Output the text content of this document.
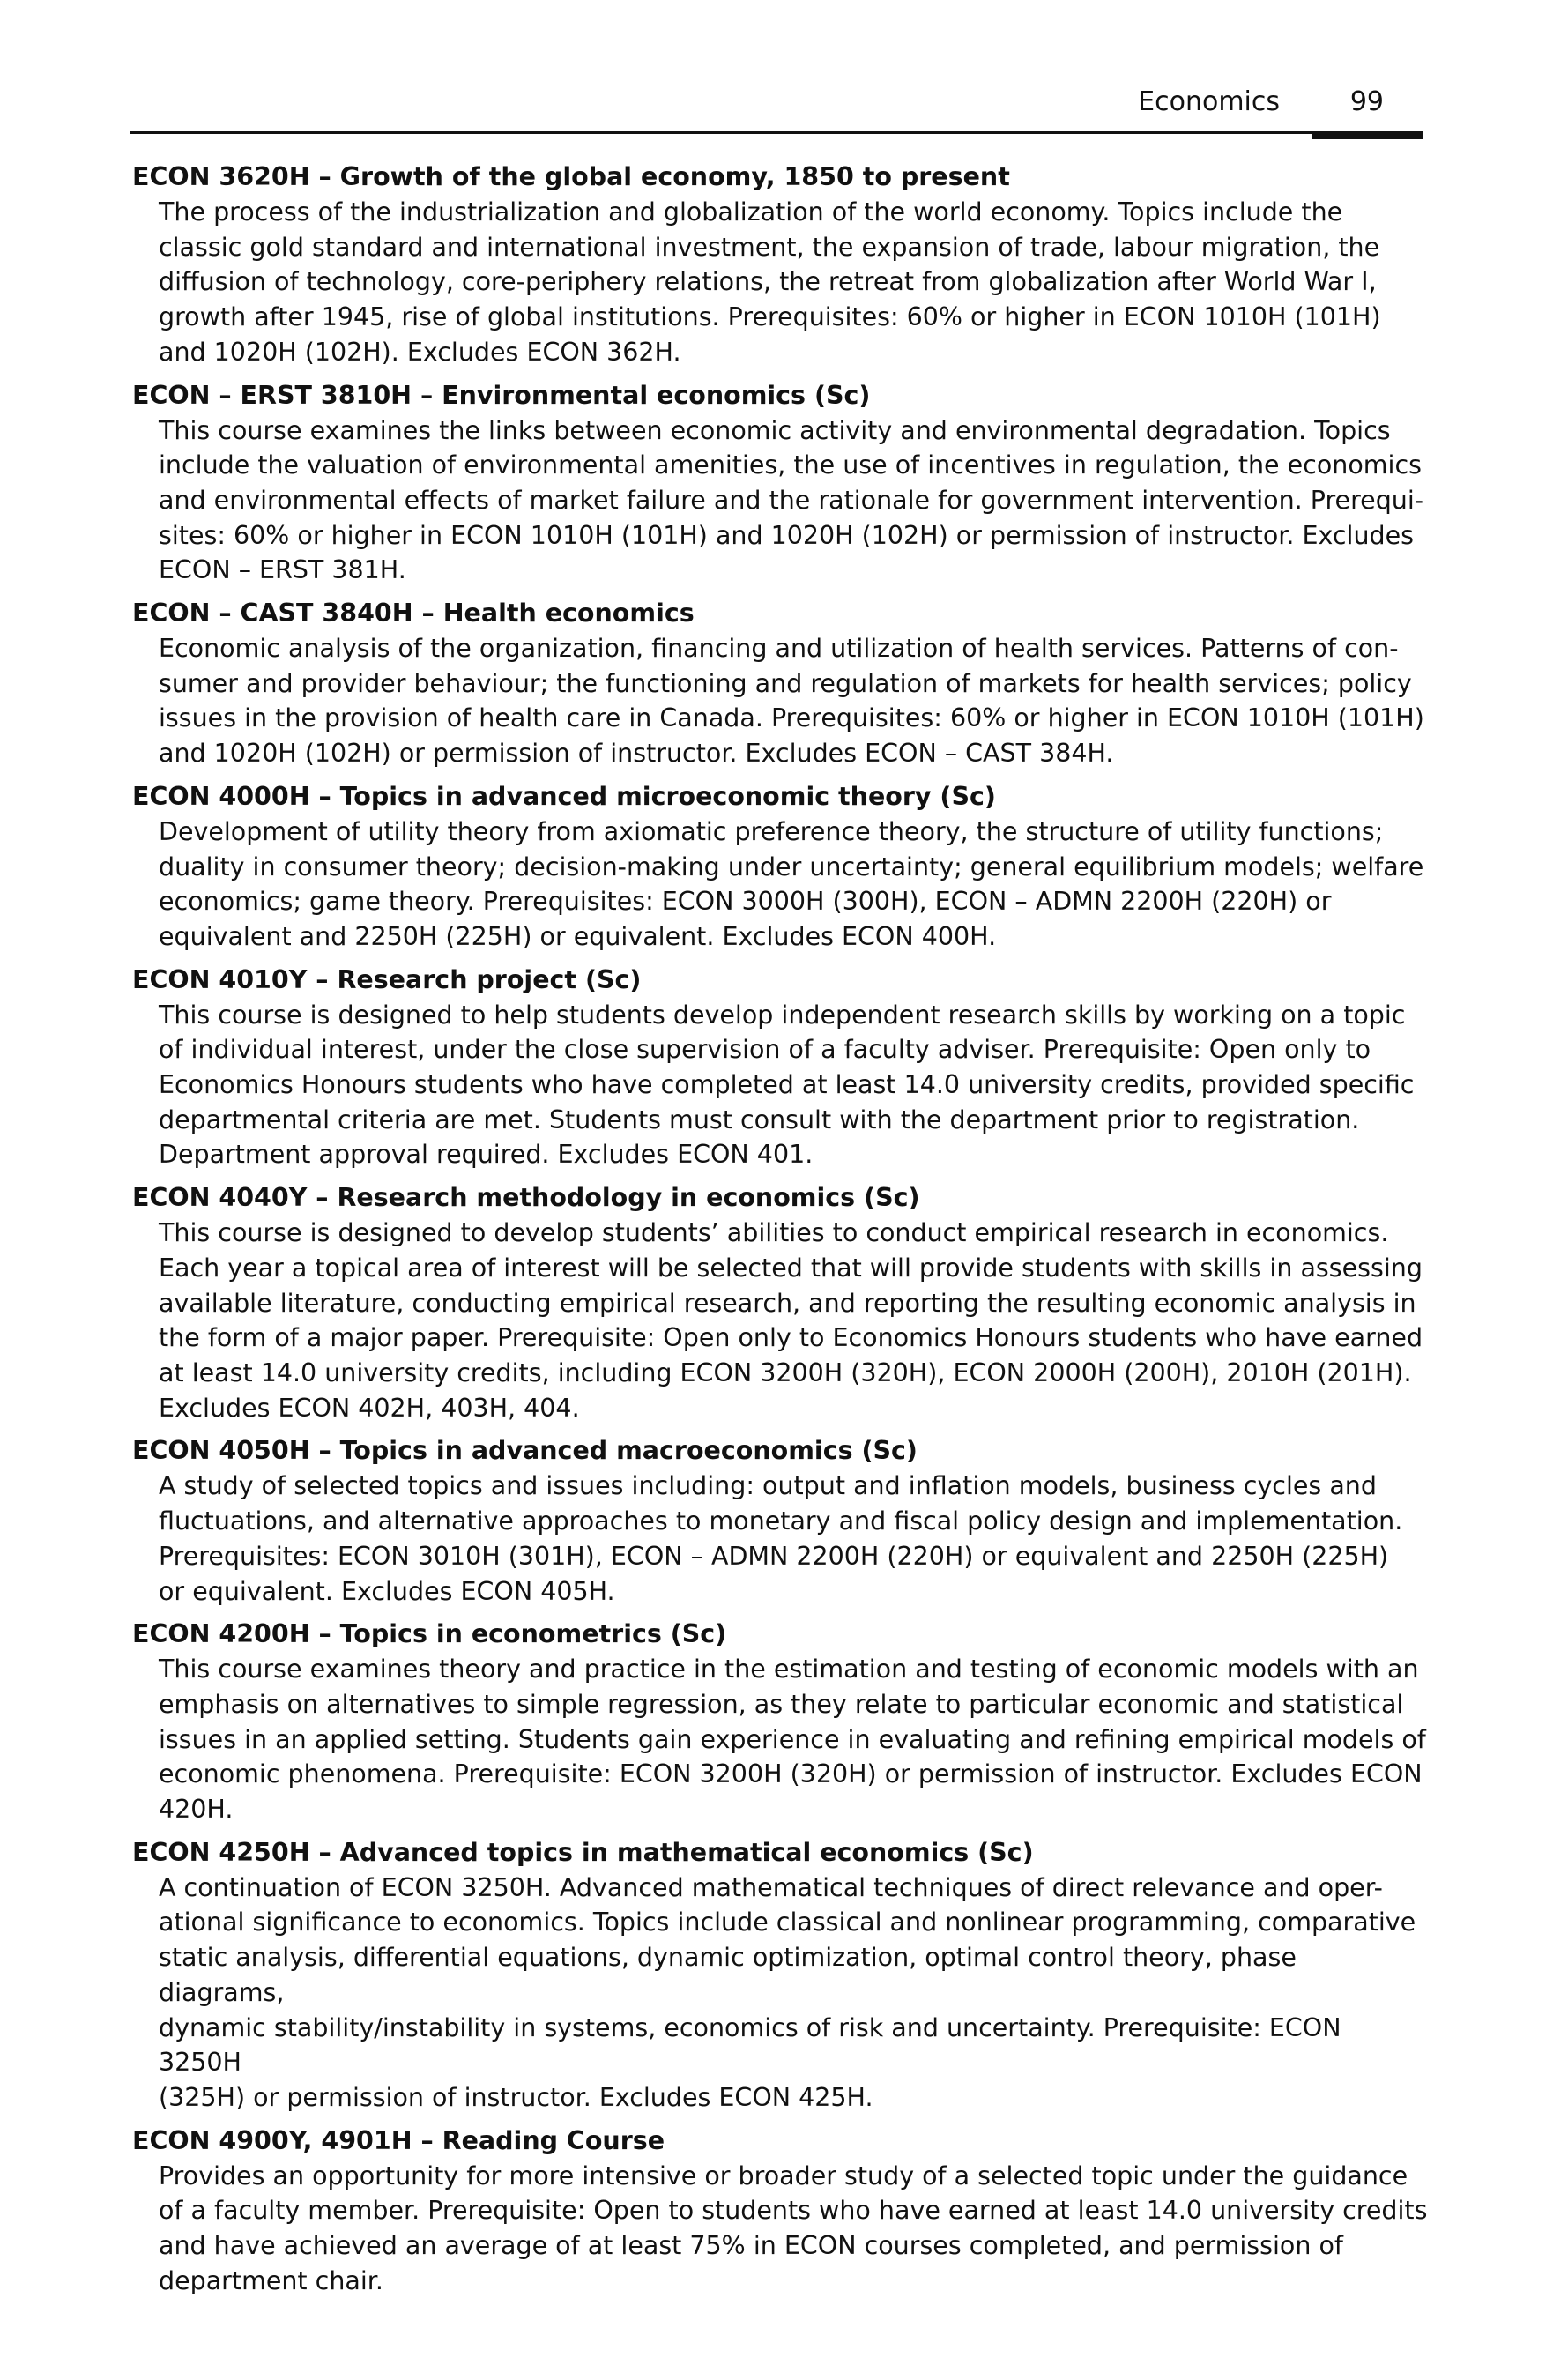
Economics	99

ECON 3620H – Growth of the global economy, 1850 to present

The process of the industrialization and globalization of the world economy. Topics include the
classic gold standard and international investment, the expansion of trade, labour migration, the
diffusion of technology, core-periphery relations, the retreat from globalization after World War I,
growth after 1945, rise of global institutions. Prerequisites: 60% or higher in ECON 1010H (101H)
and 1020H (102H). Excludes ECON 362H.

ECON – ERST 3810H – Environmental economics (Sc)

This course examines the links between economic activity and environmental degradation. Topics
include the valuation of environmental amenities, the use of incentives in regulation, the economics
and environmental effects of market failure and the rationale for government intervention. Prerequi-
sites: 60% or higher in ECON 1010H (101H) and 1020H (102H) or permission of instructor. Excludes
ECON – ERST 381H.

ECON – CAST 3840H – Health economics

Economic analysis of the organization, financing and utilization of health services. Patterns of con-
sumer and provider behaviour; the functioning and regulation of markets for health services; policy
issues in the provision of health care in Canada. Prerequisites: 60% or higher in ECON 1010H (101H)
and 1020H (102H) or permission of instructor. Excludes ECON – CAST 384H.

ECON 4000H – Topics in advanced microeconomic theory (Sc)

Development of utility theory from axiomatic preference theory, the structure of utility functions;
duality in consumer theory; decision-making under uncertainty; general equilibrium models; welfare
economics; game theory. Prerequisites: ECON 3000H (300H), ECON – ADMN 2200H (220H) or
equivalent and 2250H (225H) or equivalent. Excludes ECON 400H.

ECON 4010Y – Research project (Sc)

This course is designed to help students develop independent research skills by working on a topic
of individual interest, under the close supervision of a faculty adviser. Prerequisite: Open only to
Economics Honours students who have completed at least 14.0 university credits, provided specific
departmental criteria are met. Students must consult with the department prior to registration.
Department approval required. Excludes ECON 401.

ECON 4040Y – Research methodology in economics (Sc)

This course is designed to develop students’ abilities to conduct empirical research in economics.
Each year a topical area of interest will be selected that will provide students with skills in assessing
available literature, conducting empirical research, and reporting the resulting economic analysis in
the form of a major paper. Prerequisite: Open only to Economics Honours students who have earned
at least 14.0 university credits, including ECON 3200H (320H), ECON 2000H (200H), 2010H (201H).
Excludes ECON 402H, 403H, 404.

ECON 4050H – Topics in advanced macroeconomics (Sc)

A study of selected topics and issues including: output and inflation models, business cycles and
fluctuations, and alternative approaches to monetary and fiscal policy design and implementation.
Prerequisites: ECON 3010H (301H), ECON – ADMN 2200H (220H) or equivalent and 2250H (225H)
or equivalent. Excludes ECON 405H.

ECON 4200H – Topics in econometrics (Sc)

This course examines theory and practice in the estimation and testing of economic models with an
emphasis on alternatives to simple regression, as they relate to particular economic and statistical
issues in an applied setting. Students gain experience in evaluating and refining empirical models of
economic phenomena. Prerequisite: ECON 3200H (320H) or permission of instructor. Excludes ECON
420H.

ECON 4250H – Advanced topics in mathematical economics (Sc)

A continuation of ECON 3250H. Advanced mathematical techniques of direct relevance and oper-
ational significance to economics. Topics include classical and nonlinear programming, comparative
static analysis, differential equations, dynamic optimization, optimal control theory, phase diagrams,
dynamic stability/instability in systems, economics of risk and uncertainty. Prerequisite: ECON 3250H
(325H) or permission of instructor. Excludes ECON 425H.

ECON 4900Y, 4901H – Reading Course

Provides an opportunity for more intensive or broader study of a selected topic under the guidance
of a faculty member. Prerequisite: Open to students who have earned at least 14.0 university credits
and have achieved an average of at least 75% in ECON courses completed, and permission of
department chair.
